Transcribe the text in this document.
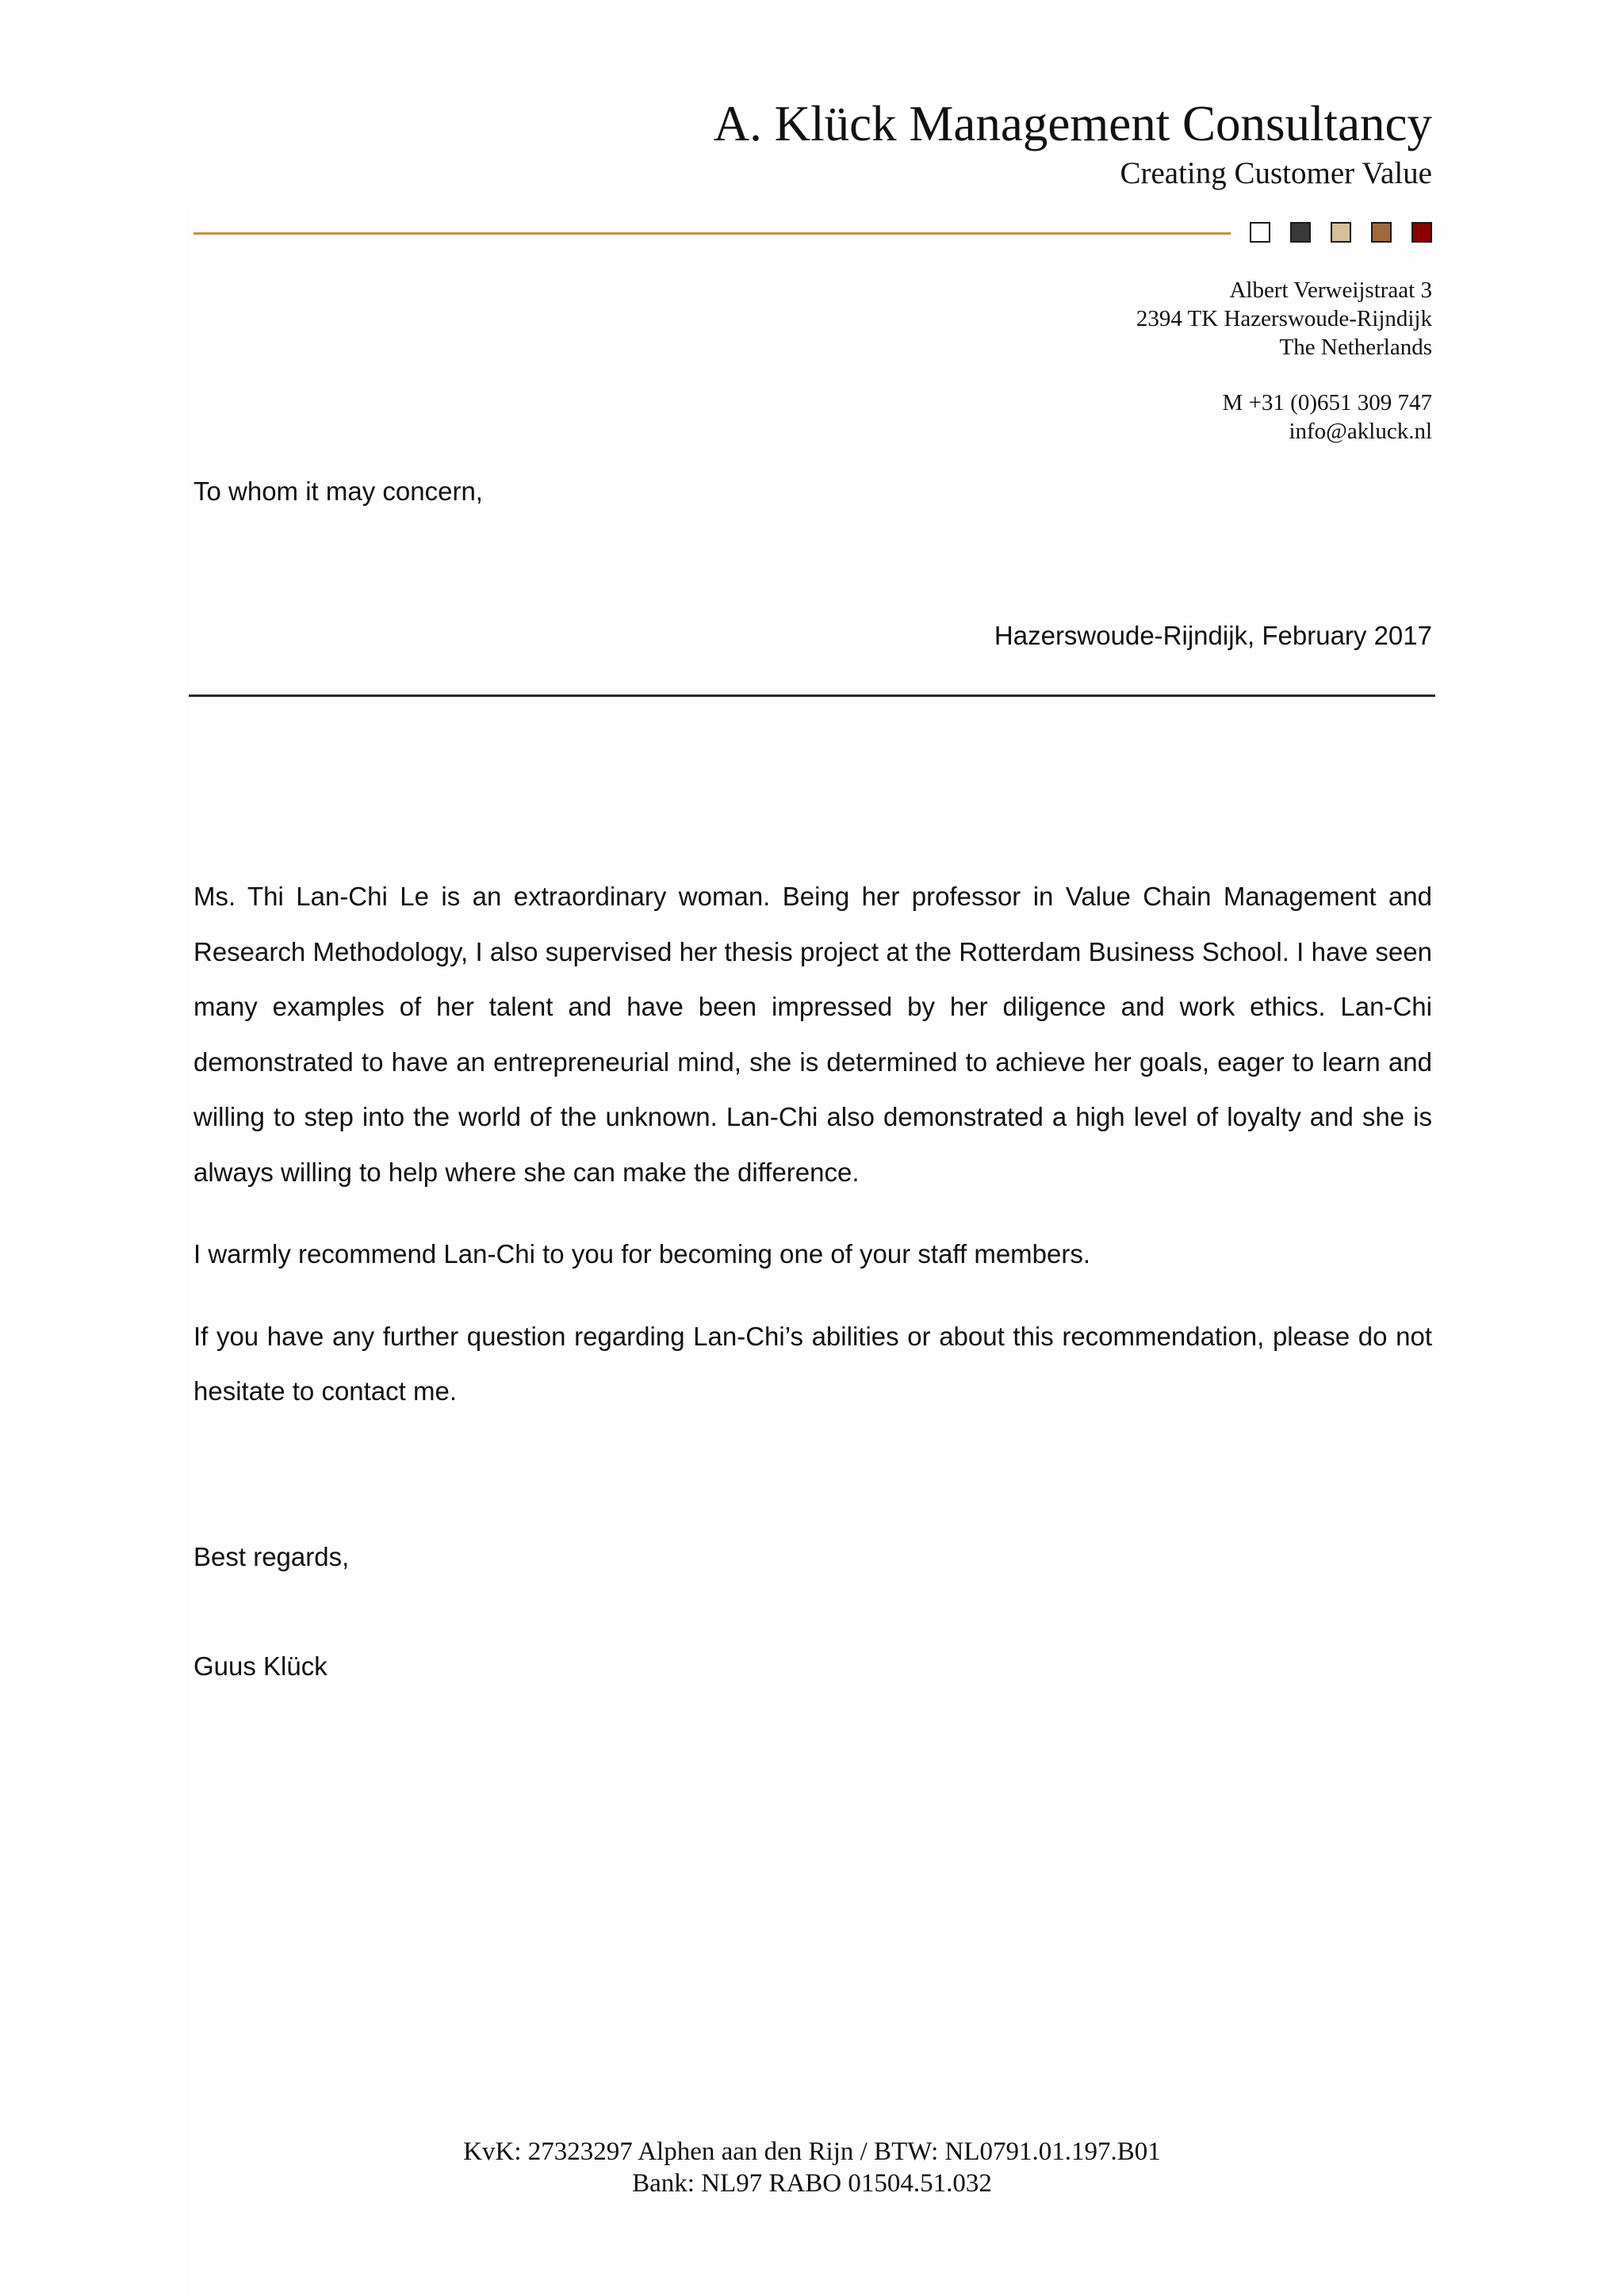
A. Klück Management Consultancy
Creating Customer Value
Albert Verweijstraat 3
2394 TK Hazerswoude-Rijndijk
The Netherlands
M +31 (0)651 309 747
info@akluck.nl
To whom it may concern,
Hazerswoude-Rijndijk, February 2017

Ms. Thi Lan-Chi Le is an extraordinary woman. Being her professor in Value Chain Management and Research Methodology, I also supervised her thesis project at the Rotterdam Business School. I have seen many examples of her talent and have been impressed by her diligence and work ethics. Lan-Chi demonstrated to have an entrepreneurial mind, she is determined to achieve her goals, eager to learn and willing to step into the world of the unknown. Lan-Chi also demonstrated a high level of loyalty and she is always willing to help where she can make the difference.

I warmly recommend Lan-Chi to you for becoming one of your staff members.

If you have any further question regarding Lan-Chi’s abilities or about this recommendation, please do not hesitate to contact me.

Best regards,
Guus Klück
KvK: 27323297 Alphen aan den Rijn / BTW: NL0791.01.197.B01
Bank: NL97 RABO 01504.51.032
